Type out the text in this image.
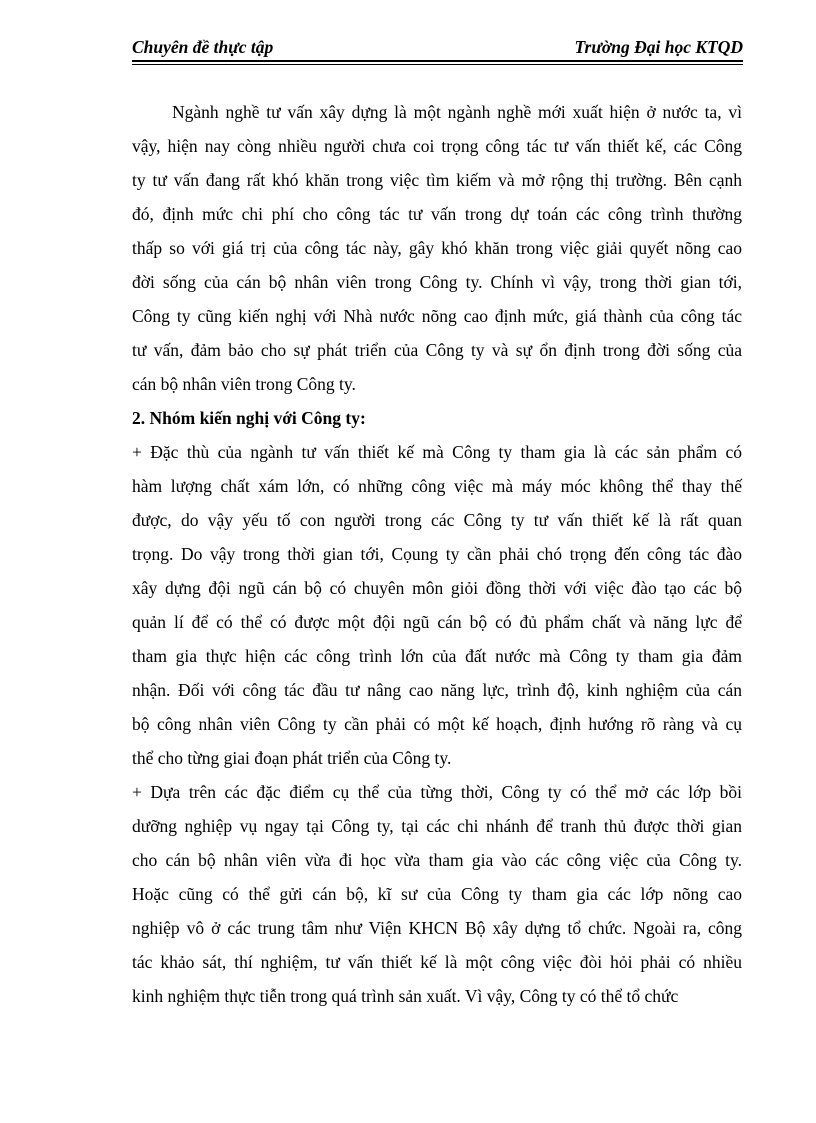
Chuyên đề thực tập	Trường Đại học KTQD
Ngành nghề tư vấn xây dựng là một ngành nghề mới xuất hiện ở nước ta, vì
vậy, hiện nay còng nhiều người chưa coi trọng công tác tư vấn thiết kế, các Công
ty tư vấn đang rất khó khăn trong việc tìm kiếm và mở rộng thị trường. Bên cạnh
đó, định mức chi phí cho công tác tư vấn trong dự toán các công trình thường
thấp so với giá trị của công tác này, gây khó khăn trong việc giải quyết nõng cao
đời sống của cán bộ nhân viên trong Công ty. Chính vì vậy, trong thời gian tới,
Công ty cũng kiến nghị với Nhà nước nõng cao định mức, giá thành của công tác
tư vấn, đảm bảo cho sự phát triển của Công ty và sự ổn định trong đời sống của
cán bộ nhân viên trong Công ty.
2. Nhóm kiến nghị với Công ty:
+ Đặc thù của ngành tư vấn thiết kế mà Công ty tham gia là các sản phẩm có
hàm lượng chất xám lớn, có những công việc mà máy móc không thể thay thế
được, do vậy yếu tố con người trong các Công ty tư vấn thiết kế là rất quan
trọng. Do vậy trong thời gian tới, Cọung ty cần phải chó trọng đến công tác đào
xây dựng đội ngũ cán bộ có chuyên môn giỏi đồng thời với việc đào tạo các bộ
quản lí để có thể có được một đội ngũ cán bộ có đủ phẩm chất và năng lực để
tham gia thực hiện các công trình lớn của đất nước mà Công ty tham gia đảm
nhận. Đối với công tác đầu tư nâng cao năng lực, trình độ, kinh nghiệm của cán
bộ công nhân viên Công ty cần phải có một kế hoạch, định hướng rõ ràng và cụ
thể cho từng giai đoạn phát triển của Công ty.
+ Dựa trên các đặc điểm cụ thể của từng thời, Công ty có thể mở các lớp bồi
dưỡng nghiệp vụ ngay tại Công ty, tại các chi nhánh để tranh thủ được thời gian
cho cán bộ nhân viên vừa đi học vừa tham gia vào các công việc của Công ty.
Hoặc cũng có thể gửi cán bộ, kĩ sư của Công ty tham gia các lớp nõng cao
nghiệp vô ở các trung tâm như Viện KHCN Bộ xây dựng tổ chức. Ngoài ra, công
tác khảo sát, thí nghiệm, tư vấn thiết kế là một công việc đòi hỏi phải có nhiều
kinh nghiệm thực tiễn trong quá trình sản xuất. Vì vậy, Công ty có thể tổ chức
